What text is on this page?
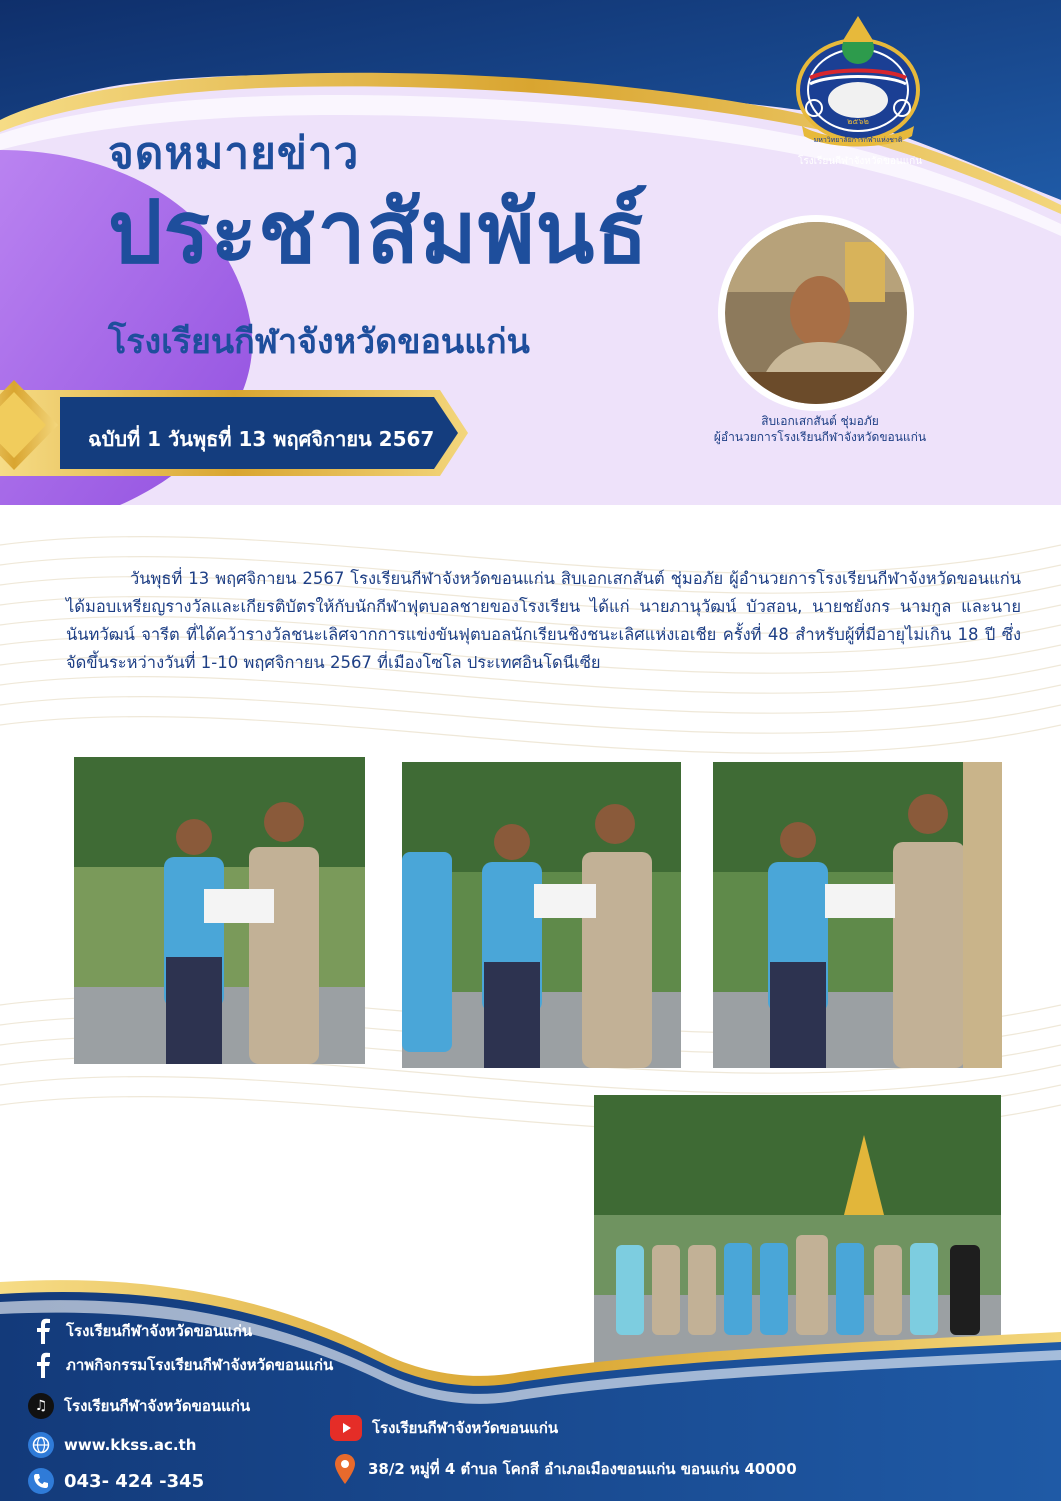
จดหมายข่าว
ประชาสัมพันธ์
โรงเรียนกีฬาจังหวัดขอนแก่น
ฉบับที่ 1 วันพุธที่ 13 พฤศจิกายน 2567
๒๕๖๒
มหาวิทยาลัยการกีฬาแห่งชาติ
โรงเรียนกีฬาจังหวัดขอนแก่น
สิบเอกเสกสันต์ ชุ่มอภัย
ผู้อำนวยการโรงเรียนกีฬาจังหวัดขอนแก่น
วันพุธที่ 13 พฤศจิกายน 2567 โรงเรียนกีฬาจังหวัดขอนแก่น สิบเอกเสกสันต์ ชุ่มอภัย ผู้อำนวยการโรงเรียนกีฬาจังหวัดขอนแก่น ได้มอบเหรียญรางวัลและเกียรติบัตรให้กับนักกีฬาฟุตบอลชายของโรงเรียน ได้แก่ นายภานุวัฒน์ บัวสอน, นายชยังกร นามกูล และนายนันทวัฒน์ จารีต ที่ได้คว้ารางวัลชนะเลิศจากการแข่งขันฟุตบอลนักเรียนชิงชนะเลิศแห่งเอเชีย ครั้งที่ 48 สำหรับผู้ที่มีอายุไม่เกิน 18 ปี ซึ่งจัดขึ้นระหว่างวันที่ 1-10 พฤศจิกายน 2567 ที่เมืองโซโล ประเทศอินโดนีเซีย
โรงเรียนกีฬาจังหวัดขอนแก่น
ภาพกิจกรรมโรงเรียนกีฬาจังหวัดขอนแก่น
♫ โรงเรียนกีฬาจังหวัดขอนแก่น
www.kkss.ac.th
043- 424 -345
โรงเรียนกีฬาจังหวัดขอนแก่น
38/2 หมู่ที่ 4 ตำบล โคกสี อำเภอเมืองขอนแก่น ขอนแก่น 40000
